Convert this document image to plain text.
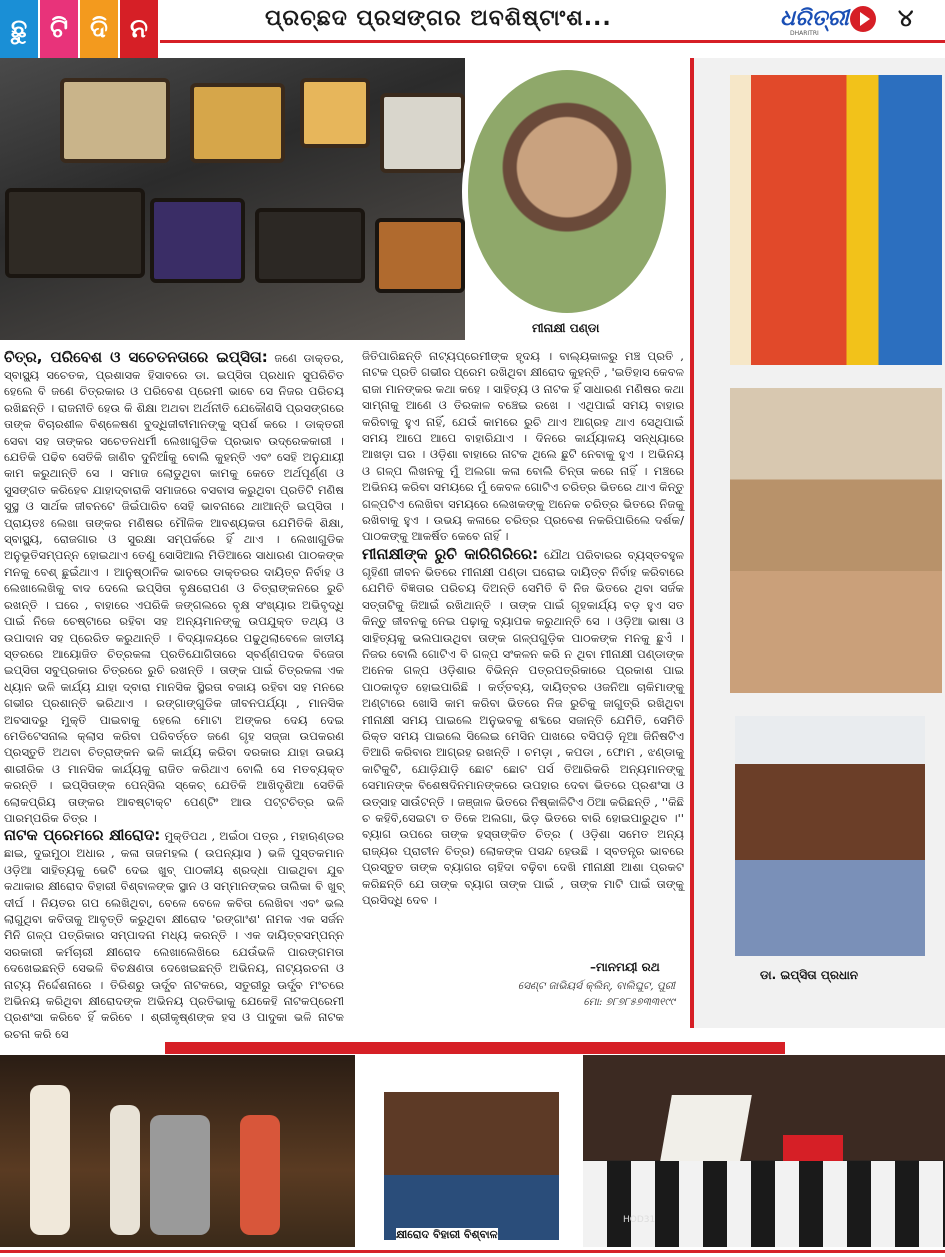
ଛୁ ଟି ଦି ନ	ପ୍ରଚ୍ଛଦ ପ୍ରସଙ୍ଗର ଅବଶିଷ୍ଟାଂଶ...	ଧରିତ୍ରୀ
DHARITRI
୪
ମୀନାକ୍ଷୀ ପଣ୍ଡା
ଡା. ଇପ୍ସିତା ପ୍ରଧାନ

ଚିତ୍ର, ପରିବେଶ ଓ ସଚେତନତାରେ ଇପ୍ସିତା: ଜଣେ ଡାକ୍ତର, ସ୍ବାସ୍ଥ୍ୟ ସଚେତକ, ପ୍ରଶାସକ ହିସାବରେ ଡା. ଇପ୍ସିତା ପ୍ରଧାନ ସୁପରିଚିତ ହେଲେ ବି ଜଣେ ଚିତ୍ରକାର ଓ ପରିବେଶ ପ୍ରେମୀ ଭାବେ ସେ ନିଜର ପରିଚୟ ରଖିଛନ୍ତି । ରାଜନୀତି ହେଉ କି ଶିକ୍ଷା ଅଥବା ଅର୍ଥନୀତି ଯେକୌଣସି ପ୍ରସଙ୍ଗରେ ତାଙ୍କ ବିଚାରଶୀଳ ବିଶ୍ଳେଷଣ ବୁଦ୍ଧିଜୀବୀମାନଙ୍କୁ ସ୍ପର୍ଶ କରେ । ଡାକ୍ତରୀ ସେବା ସହ ତାଙ୍କର ସଚେତନଧର୍ମୀ ଲେଖାଗୁଡିକ ପ୍ରଭାବ ଉଦ୍ରେକକାରୀ । ଯେତିକି ପଢିବ ସେତିକି ଜାଣିବ ଦୁନିଆଁକୁ ବୋଲି କୁହନ୍ତି ଏବଂ ସେହି ଅନୁଯାୟୀ କାମ କରୁଥାନ୍ତି ସେ । ସମାଜ ଲୋଡୁଥିବା କାମକୁ କେତେ ଅର୍ଥପୂର୍ଣ୍ଣ ଓ ସୁସଙ୍ଗତ କରିହେବ ଯାହାଦ୍ବାରାକି ସମାଜରେ ବସବାସ କରୁଥିବା ପ୍ରତିଟି ମଣିଷ ସୁସ୍ଥ ଓ ସାର୍ଥକ ଜୀବନଟେ ଜିଇଁପାରିବ ସେହି ଭାବନାରେ ଥାଆନ୍ତି ଇପ୍ସିତା । ପ୍ରାୟତଃ ଲେଖା ତାଙ୍କର ମଣିଷର ମୌଳିକ ଆବଶ୍ୟକତା ଯେମିତିକି ଶିକ୍ଷା, ସ୍ବାସ୍ଥ୍ୟ, ରୋଜଗାର ଓ ସୁରକ୍ଷା ସମ୍ପର୍କରେ ହିଁ ଥାଏ । ଲେଖାଗୁଡିକ ଅନୁଭୂତିସମ୍ପନ୍ନ ହୋଇଥାଏ ତେଣୁ ସୋସିଆଲ ମିଡିଆରେ ସାଧାରଣ ପାଠକଙ୍କ ମନକୁ ବେଶ୍ ଛୁଇଁଥାଏ । ଆନୁଷ୍ଠାନିକ ଭାବରେ ଡାକ୍ତରର ଦାୟିତ୍ବ ନିର୍ବାହ ଓ ଲେଖାଲେଖିକୁ ବାଦ ଦେଲେ ଇପ୍ସିତା ବୃକ୍ଷରୋପଣ ଓ ଚିତ୍ରାଙ୍କନରେ ରୁଚି ରଖନ୍ତି । ଘରେ , ବାହାରେ ଏପରିକି ଜଙ୍ଗଲରେ ବୃକ୍ଷ ସଂଖ୍ୟାର ଅଭିବୃଦ୍ଧି ପାଇଁ ନିଜେ ଚେଷ୍ଟାରେ ରହିବା ସହ ଅନ୍ୟମାନଙ୍କୁ ଉପଯୁକ୍ତ ତଥ୍ୟ ଓ ଉପାଦାନ ସହ ପ୍ରେରିତ କରୁଥାନ୍ତି । ବିଦ୍ୟାଳୟରେ ପଢୁଥିଲାବେଳେ ଜାତୀୟ ସ୍ତରରେ ଆୟୋଜିତ ଚିତ୍ରକଳା ପ୍ରତିଯୋଗିତାରେ ସ୍ବର୍ଣ୍ଣପଦକ ବିଜେତା ଇପ୍ସିତା ସବୁପ୍ରକାର ଚିତ୍ରରେ ରୁଚି ରଖନ୍ତି । ତାଙ୍କ ପାଇଁ ଚିତ୍ରକଳା ଏକ ଧ୍ୟାନ ଭଳି କାର୍ଯ୍ୟ ଯାହା ଦ୍ବାରା ମାନସିକ ସ୍ଥିରତା ବଜାୟ ରହିବା ସହ ମନରେ ଗଭୀର ପ୍ରଶାନ୍ତି ଭରିଥାଏ । ରଙ୍ଗାଙ୍ଗୁଡିକ ଜୀବନପର୍ଯ୍ୟା , ମାନସିକ ଅବସାଦରୁ ମୁକ୍ତି ପାଇବାକୁ ହେଲେ ମୋଟା ଅଙ୍କର ଦେୟ ଦେଇ ମେଡିଟେସନାଲ କ୍ଲାସ କରିବା ପରିବର୍ତ୍ତେ ଜଣେ ଗୃହ ସଜ୍ଜା ଉପକରଣ ପ୍ରସ୍ତୁତି ଅଥବା ଚିତ୍ରାଙ୍କନ ଭଳି କାର୍ଯ୍ୟ କରିବା ଦରକାର ଯାହା ଉଭୟ ଶାରୀରିକ ଓ ମାନସିକ କାର୍ଯ୍ୟକୁ ରାଜିତ କରିଥାଏ ବୋଲି ସେ ମତବ୍ୟକ୍ତ କରନ୍ତି । ଇପ୍ସିତାଙ୍କ ପେନ୍ସିଲ ସ୍କେଚ୍ ଯେତିକି ଆଖିଦୃଶିଆ ସେତିକି ଲୋକପ୍ରିୟ ତାଙ୍କର ଆବଷ୍ଟାକ୍ଟ ପେଣ୍ଟିଂ ଆଉ ପଟ୍ଟଚିତ୍ର ଭଳି ପାରମ୍ପରିକ ଚିତ୍ର ।

ନାଟକ ପ୍ରେମରେ କ୍ଷୀରୋଦ: ମୁକ୍ତିପଥ , ଅଇଁଠା ପତ୍ର , ମହାଋଣ୍ଡର ଛାଇ, ଦୁଇମୁଠା ଅଧାର , କଳା ତାଜମହଲ ( ଉପନ୍ୟାସ ) ଭଳି ପୁସ୍ତକମାନ ଓଡ଼ିଆ ସାହିତ୍ୟକୁ ଭେଟି ଦେଇ ଖୁବ୍ ପାଠକୀୟ ଶ୍ରଦ୍ଧା ପାଇଥିବା ଯୁବ କଥାକାର କ୍ଷୀରୋଦ ବିହାରୀ ବିଶ୍ବାଳଙ୍କ ସ୍ଥାନ ଓ ସମ୍ମାନଙ୍କର ତାଲିକା ବି ଖୁବ୍ ଦୀର୍ଘ । ନିୟତର ଗପ ଲେଖିଥିବା, ବେଳେ ବେଳେ କବିତା ଲେଖିବା ଏବଂ ଭଲ ଲାଗୁଥିବା କବିତାକୁ ଆବୃତ୍ତି କରୁଥିବା କ୍ଷୀରୋଦ 'ରଙ୍ଗାଂଶ' ନାମକ ଏକ ସର୍ଜନ ମିନି ଗଳ୍ପ ପତ୍ରିକାର ସମ୍ପାଦନା ମଧ୍ୟ କରନ୍ତି । ଏକ ଦାୟିତ୍ବସମ୍ପନ୍ନ ସରକାରୀ କର୍ମଚାରୀ କ୍ଷୀରୋଦ ଲେଖାଲେଖିରେ ଯେଉଁଭଳି ପାରଙ୍ଗମତା ଦେଖେଇଛନ୍ତି ସେଭଳି ବିଚକ୍ଷଣତା ଦେଖେଇଛନ୍ତି ଅଭିନୟ, ନାଟ୍ୟରଚନା ଓ ନାଟ୍ୟ ନିର୍ଦ୍ଦେଶନାରେ । ତିରିଶରୁ ଊର୍ଦ୍ଧ୍ବ ନାଟକରେ, ସତୁରୀରୁ ଊର୍ଦ୍ଧ୍ବ ମଂଚରେ ଅଭିନୟ କରିଥିବା କ୍ଷୀରୋଦଙ୍କ ଅଭିନୟ ପ୍ରତିଭାକୁ ଯେକେହି ନାଟକପ୍ରେମୀ ପ୍ରଶଂସା କରିବେ ହିଁ କରିବେ । ଶ୍ରୀକୃଷ୍ଣଙ୍କ ହସ ଓ ପାଦୁକା ଭଳି ନାଟକ ରଚନା କରି ସେ

ଜିତିପାରିଛନ୍ତି ନାଟ୍ୟପ୍ରେମୀଙ୍କ ହୃଦୟ । ବାଲ୍ୟକାଳରୁ ମଞ୍ଚ ପ୍ରତି , ନାଟକ ପ୍ରତି ଗଭୀର ପ୍ରେମ ରଖିଥିବା କ୍ଷୀରୋଦ କୁହନ୍ତି , 'ଇତିହାସ କେବଳ ରାଜା ମାନଙ୍କର କଥା କହେ । ସାହିତ୍ୟ ଓ ନାଟକ ହିଁ ସାଧାରଣ ମଣିଷର କଥା ସାମ୍ନାକୁ ଆଣେ ଓ ତିରକାଳ ବଞ୍ଚେଇ ରଖେ । ଏଥିପାଇଁ ସମୟ ବାହାର କରିବାକୁ ହୁଏ ନାହିଁ, ଯେଉଁ କାମରେ ରୁଚି ଥାଏ ଆଗ୍ରହ ଥାଏ ସେଥିପାଇଁ ସମୟ ଆପେ ଆପେ ବାହାରିଯାଏ । ଦିନରେ କାର୍ଯ୍ୟାଳୟ ସନ୍ଧ୍ୟାରେ ଆଖଡ଼ା ଘର । ଓଡ଼ିଶା ବାହାରେ ନାଟକ ଥିଲେ ଛୁଟି ନେବାକୁ ହୁଏ । ଅଭିନୟ ଓ ଗଳ୍ପ ଲିଖନକୁ ମୁଁ ଅଲଗା କଳା ବୋଲି ଚିନ୍ତା କରେ ନାହିଁ । ମଞ୍ଚରେ ଅଭିନୟ କରିବା ସମୟରେ ମୁଁ କେବଳ ଗୋଟିଏ ଚରିତ୍ର ଭିତରେ ଥାଏ କିନ୍ତୁ ଗଳ୍ପଟିଏ ଲେଖିବା ସମୟରେ ଲେଖକଙ୍କୁ ଅନେକ ଚରିତ୍ର ଭିତରେ ନିଜକୁ ରଖିବାକୁ ହୁଏ । ଉଭୟ କଳାରେ ଚରିତ୍ର ପ୍ରବେଶ ନକରିପାରିଲେ ଦର୍ଶକ/ପାଠକଙ୍କୁ ଆକର୍ଷିତ କେବେ ନାହିଁ ।

ମୀନାକ୍ଷୀଙ୍କ ରୁଚି କାରିଗିରିରେ: ଯୌଥ ପରିବାରର ବ୍ୟସ୍ତବହୁଳ ଗୃହିଣୀ ଜୀବନ ଭିତରେ ମୀନାକ୍ଷୀ ପଣ୍ଡା ଘରୋଇ ଦାୟିତ୍ବ ନିର୍ବାହ କରିବାରେ ଯେମିତି ବିଜ୍ଞତାର ପରିଚୟ ଦିଅନ୍ତି ସେମିତି ବି ନିଜ ଭିତରେ ଥିବା ସର୍ଜକ ସତ୍ତାଟିକୁ ଜିଆଇଁ ରଖିଥାନ୍ତି । ତାଙ୍କ ପାଇଁ ଗୃହକାର୍ଯ୍ୟ ବଡ଼ ହୁଏ ସତ କିନ୍ତୁ ଜୀବନକୁ ନେଇ ପଢ଼ାକୁ ବ୍ୟାପକ କରୁଥାନ୍ତି ସେ । ଓଡ଼ିଆ ଭାଷା ଓ ସାହିତ୍ୟକୁ ଭଲପାଉଥିବା ତାଙ୍କ ଗଳ୍ପଗୁଡ଼ିକ ପାଠକଙ୍କ ମନକୁ ଛୁଏଁ । ନିଜର ବୋଲି ଗୋଟିଏ ବି ଗଳ୍ପ ସଂକଳନ କରି ନ ଥିବା ମୀନାକ୍ଷୀ ପଣ୍ଡାଙ୍କ ଅନେକ ଗଳ୍ପ ଓଡ଼ିଶାର ବିଭିନ୍ନ ପତ୍ରପତ୍ରିକାରେ ପ୍ରକାଶ ପାଇ ପାଠକାଦୃତ ହୋଇପାରିଛି । କର୍ତ୍ତବ୍ୟ, ଦାୟିତ୍ବର ଓଜନିଆ ଚାକିମାଙ୍କୁ ଅଣ୍ଟାରେ ଖୋସି କାମ କରିବା ଭିତରେ ନିଜ ରୁଚିକୁ ଜାଗୁତ୍ରି ରଖିଥିବା ମୀନାକ୍ଷୀ ସମୟ ପାଇଲେ ଅନୁଭବକୁ ଶବ୍ଦରେ ସଜାନ୍ତି ଯେମିତି, ସେମିତି ରିକ୍ତ ସମୟ ପାଇଲେ ସିଲେଇ ମେସିନ ପାଖରେ ବସିପଡ଼ି ନୂଆ ଜିନିଷଟିଏ ତିଆରି କରିବାର ଆଗ୍ରହ ରଖନ୍ତି । ଚମଡ଼ା , କପଡା , ଫୋମ , ଝଣ୍ଡାକୁ କାଟିକୁଟି, ଯୋଡ଼ିଯାଡ଼ି ଛୋଟ ଛୋଟ ପର୍ସ ତିଆରିକରି ଅନ୍ୟମାନଙ୍କୁ ସେମାନଙ୍କ ବିଶେଷଦିନମାନଙ୍କରେ ଉପହାର ଦେବା ଭିତରେ ପ୍ରଶଂସା ଓ ଉତ୍ସାହ ସାଉଁଟନ୍ତି । ଜଞ୍ଜାଳ ଭିତରେ ନିଷ୍କାଳିଟିଏ ଠିଆ କରିଛନ୍ତି , ''କିଛି ଚ କହିବି,ସେଇଟା ତ ତିକେ ଅଲଗା, ଭିଡ଼ ଭିତରେ ବାରି ହୋଇପାରୁଥିବ ।'' ବ୍ୟାଗ ଉପରେ ତାଙ୍କ ହସ୍ତାଙ୍କିତ ଚିତ୍ର ( ଓଡ଼ିଶା ସମେତ ଅନ୍ୟ ରାଜ୍ୟର ପ୍ରାଚୀନ ଚିତ୍ର) ଲୋକଙ୍କ ପସନ୍ଦ ହେଉଛି । ସ୍ବତନ୍ତ୍ର ଭାବରେ ପ୍ରସ୍ତୁତ ତାଙ୍କ ବ୍ୟାଗର ଚାହିଦା ବଢ଼ିବା ଦେଖି ମୀନାକ୍ଷୀ ଆଶା ପ୍ରକଟ କରିଛନ୍ତି ଯେ ତାଙ୍କ ବ୍ୟାଗ ତାଙ୍କ ପାଇଁ , ତାଙ୍କ ମାଟି ପାଇଁ ତାଙ୍କୁ ପ୍ରସିଦ୍ଧି ଦେବ ।

–ମାନମୟୀ ରଥ
ସେଣ୍ଟ ଜାଭିୟର୍ସ କ୍ଲିନ୍, ବାଲିଘୁଟ, ପୁରୀ
ମୋ: ୭୮୭୮୫୭୩୩୧୯୯
କ୍ଷୀରୋଦ ବିହାରୀ ବିଶ୍ବାଳ
HOD31
